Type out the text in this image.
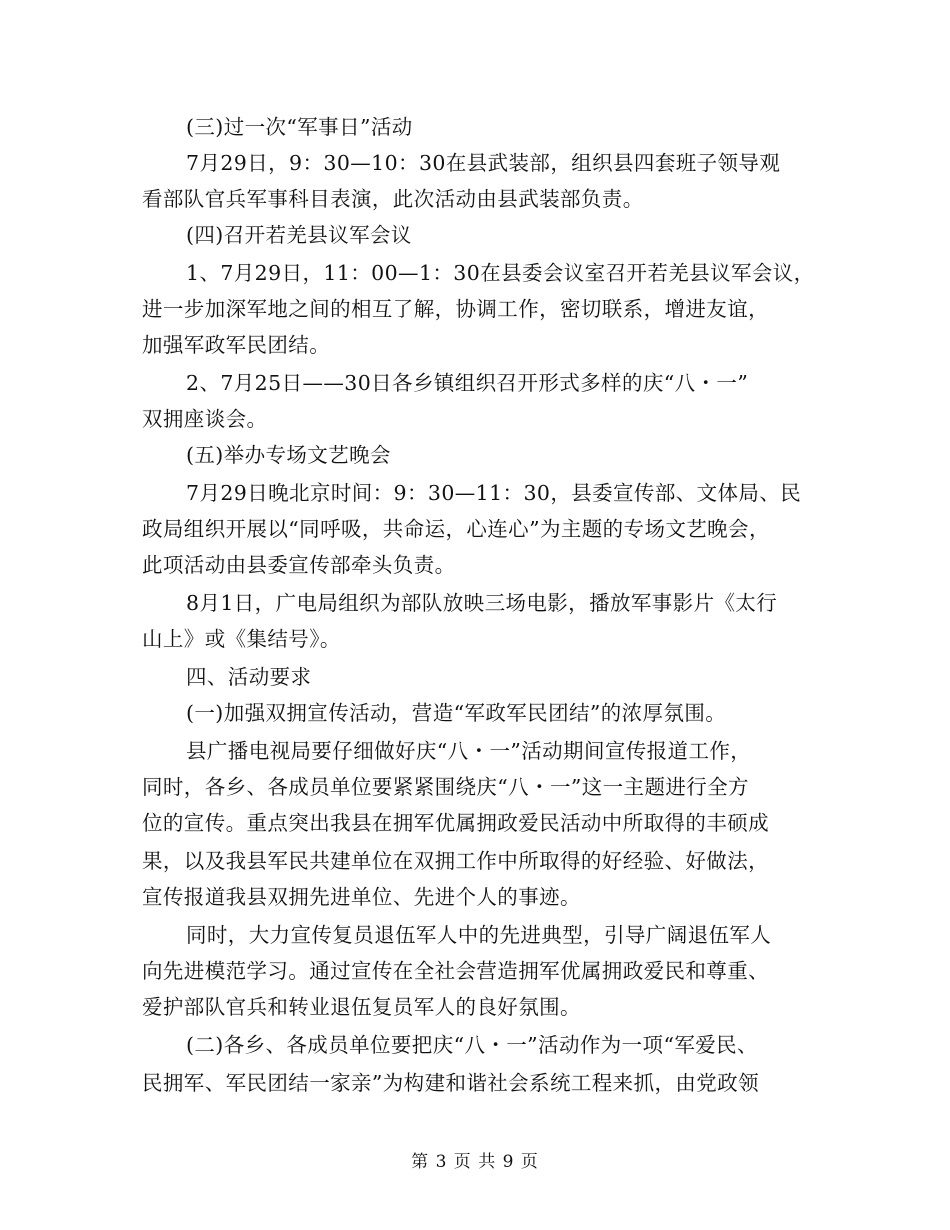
(三)过一次“军事日”活动
7月29日，9：30—10：30在县武装部，组织县四套班子领导观
看部队官兵军事科目表演，此次活动由县武装部负责。
(四)召开若羌县议军会议
1、7月29日，11：00—1：30在县委会议室召开若羌县议军会议，
进一步加深军地之间的相互了解，协调工作，密切联系，增进友谊，
加强军政军民团结。
2、7月25日——30日各乡镇组织召开形式多样的庆“八・一”
双拥座谈会。
(五)举办专场文艺晚会
7月29日晚北京时间：9：30—11：30，县委宣传部、文体局、民
政局组织开展以“同呼吸，共命运，心连心”为主题的专场文艺晚会，
此项活动由县委宣传部牵头负责。
8月1日，广电局组织为部队放映三场电影，播放军事影片《太行
山上》或《集结号》。
四、活动要求
(一)加强双拥宣传活动，营造“军政军民团结”的浓厚氛围。
县广播电视局要仔细做好庆“八・一”活动期间宣传报道工作，
同时，各乡、各成员单位要紧紧围绕庆“八・一”这一主题进行全方
位的宣传。重点突出我县在拥军优属拥政爱民活动中所取得的丰硕成
果，以及我县军民共建单位在双拥工作中所取得的好经验、好做法，
宣传报道我县双拥先进单位、先进个人的事迹。
同时，大力宣传复员退伍军人中的先进典型，引导广阔退伍军人
向先进模范学习。通过宣传在全社会营造拥军优属拥政爱民和尊重、
爱护部队官兵和转业退伍复员军人的良好氛围。
(二)各乡、各成员单位要把庆“八・一”活动作为一项“军爱民、
民拥军、军民团结一家亲”为构建和谐社会系统工程来抓，由党政领
第 3 页 共 9 页
